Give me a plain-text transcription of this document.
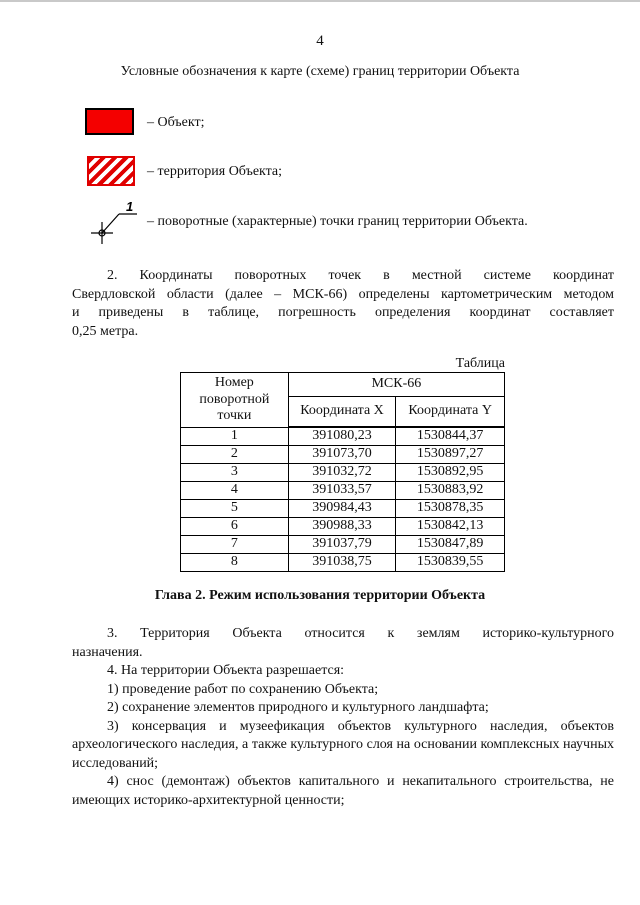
4
Условные обозначения к карте (схеме) границ территории Объекта
– Объект;
– территория Объекта;
1
– поворотные (характерные) точки границ территории Объекта.
2. Координаты поворотных точек в местной системе координат
Свердловской области (далее – МСК-66) определены картометрическим методом
и приведены в таблице, погрешность определения координат составляет
0,25 метра.
Таблица
Номер поворотной точки	МСК-66	
	Координата X	Координата Y
1	391080,23	1530844,37
2	391073,70	1530897,27
3	391032,72	1530892,95
4	391033,57	1530883,92
5	390984,43	1530878,35
6	390988,33	1530842,13
7	391037,79	1530847,89
8	391038,75	1530839,55
Глава 2. Режим использования территории Объекта
3. Территория Объекта относится к землям историко-культурного
назначения.
4. На территории Объекта разрешается:
1) проведение работ по сохранению Объекта;
2) сохранение элементов природного и культурного ландшафта;
3) консервация и музеефикация объектов культурного наследия, объектов археологического наследия, а также культурного слоя на основании комплексных научных исследований;
4) снос (демонтаж) объектов капитального и некапитального строительства, не имеющих историко-архитектурной ценности;
